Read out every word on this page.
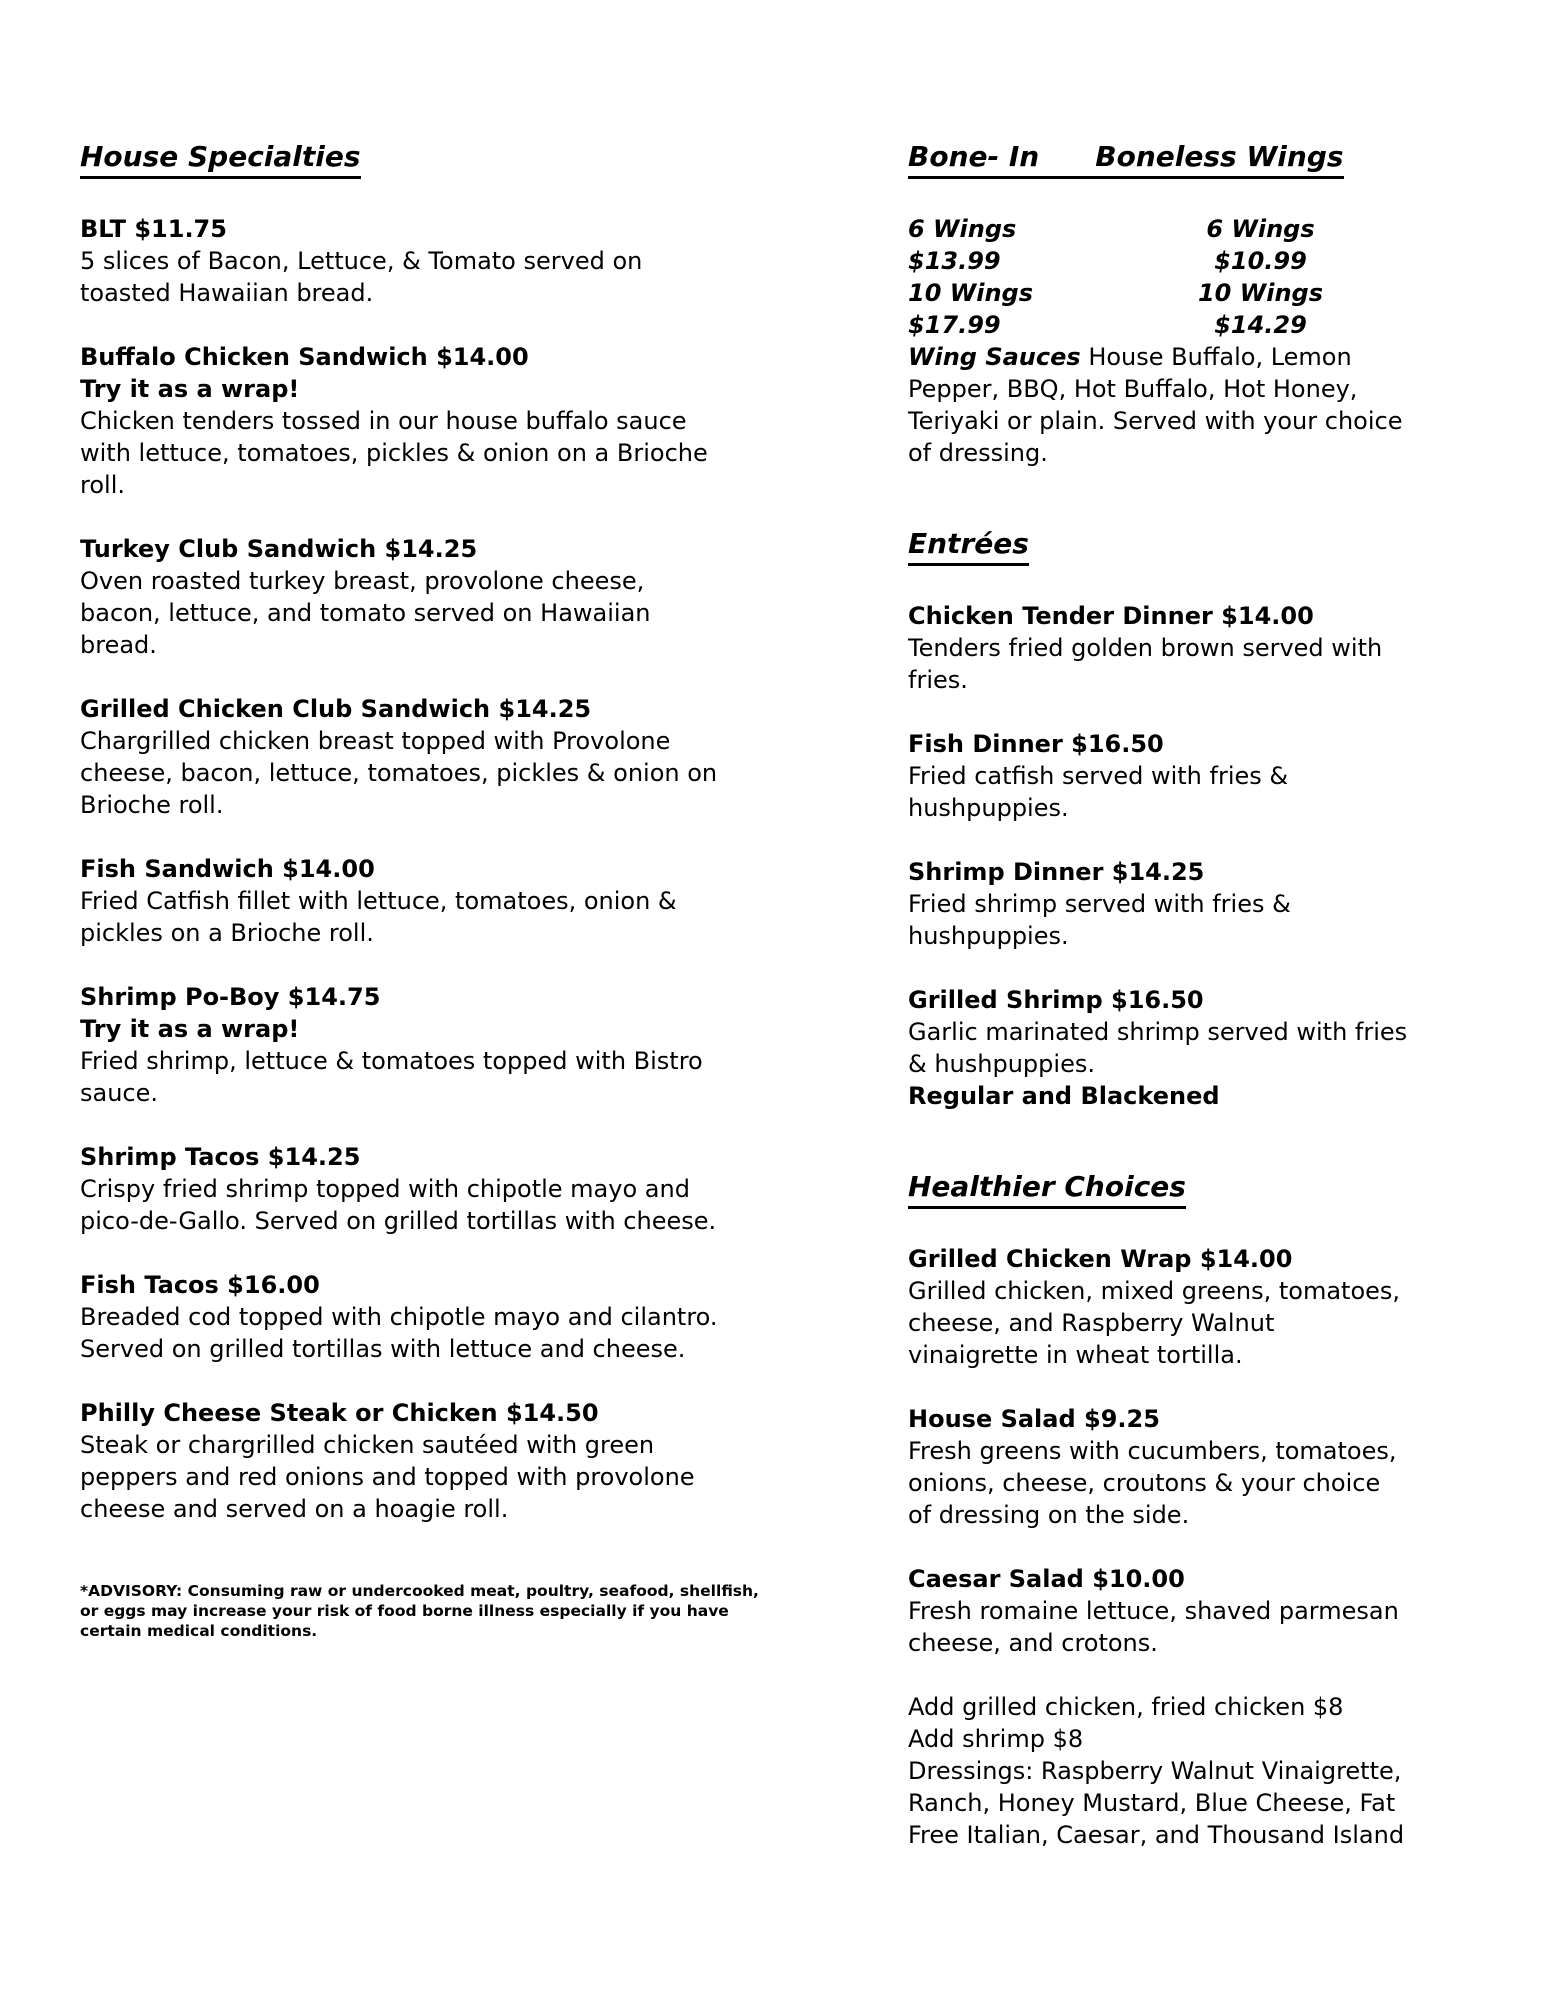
House Specialties

BLT $11.75

5 slices of Bacon, Lettuce, & Tomato served on toasted Hawaiian bread.

Buffalo Chicken Sandwich $14.00

Try it as a wrap!

Chicken tenders tossed in our house buffalo sauce with lettuce, tomatoes, pickles & onion on a Brioche roll.

Turkey Club Sandwich $14.25

Oven roasted turkey breast, provolone cheese, bacon, lettuce, and tomato served on Hawaiian bread.

Grilled Chicken Club Sandwich $14.25

Chargrilled chicken breast topped with Provolone cheese, bacon, lettuce, tomatoes, pickles & onion on Brioche roll.

Fish Sandwich $14.00

Fried Catfish fillet with lettuce, tomatoes, onion & pickles on a Brioche roll.

Shrimp Po-Boy $14.75

Try it as a wrap!

Fried shrimp, lettuce & tomatoes topped with Bistro sauce.

Shrimp Tacos $14.25

Crispy fried shrimp topped with chipotle mayo and pico-de-Gallo. Served on grilled tortillas with cheese.

Fish Tacos $16.00

Breaded cod topped with chipotle mayo and cilantro. Served on grilled tortillas with lettuce and cheese.

Philly Cheese Steak or Chicken $14.50

Steak or chargrilled chicken sautéed with green peppers and red onions and topped with provolone cheese and served on a hoagie roll.

*ADVISORY: Consuming raw or undercooked meat, poultry, seafood, shellfish, or eggs may increase your risk of food borne illness especially if you have certain medical conditions.

Bone- In Boneless Wings
6 Wings	6 Wings
$13.99	$10.99
10 Wings	10 Wings
$17.99	$14.29

Wing Sauces House Buffalo, Lemon Pepper, BBQ, Hot Buffalo, Hot Honey, Teriyaki or plain. Served with your choice of dressing.

Entrées

Chicken Tender Dinner $14.00

Tenders fried golden brown served with fries.

Fish Dinner $16.50

Fried catfish served with fries & hushpuppies.

Shrimp Dinner $14.25

Fried shrimp served with fries & hushpuppies.

Grilled Shrimp $16.50

Garlic marinated shrimp served with fries & hushpuppies.

Regular and Blackened

Healthier Choices

Grilled Chicken Wrap $14.00

Grilled chicken, mixed greens, tomatoes, cheese, and Raspberry Walnut vinaigrette in wheat tortilla.

House Salad $9.25

Fresh greens with cucumbers, tomatoes, onions, cheese, croutons & your choice of dressing on the side.

Caesar Salad $10.00

Fresh romaine lettuce, shaved parmesan cheese, and crotons.

Add grilled chicken, fried chicken $8

Add shrimp $8

Dressings: Raspberry Walnut Vinaigrette, Ranch, Honey Mustard, Blue Cheese, Fat Free Italian, Caesar, and Thousand Island
